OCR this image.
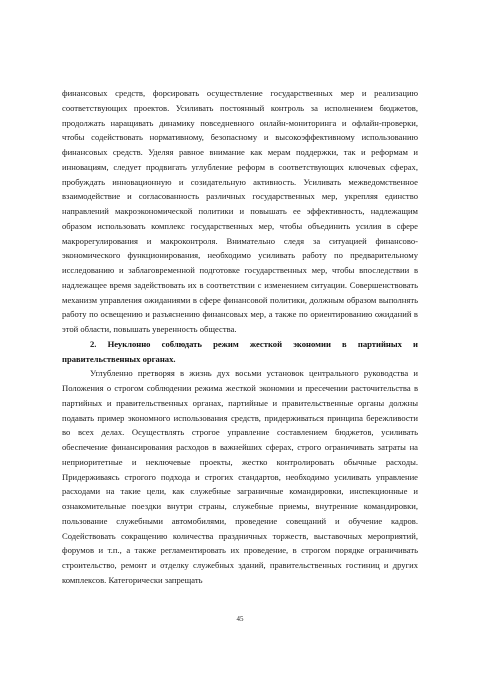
финансовых средств, форсировать осуществление государственных мер и реализацию соответствующих проектов. Усиливать постоянный контроль за исполнением бюджетов, продолжать наращивать динамику повседневного онлайн-мониторинга и офлайн-проверки, чтобы содействовать нормативному, безопасному и высокоэффективному использованию финансовых средств. Уделяя равное внимание как мерам поддержки, так и реформам и инновациям, следует продвигать углубление реформ в соответствующих ключевых сферах, пробуждать инновационную и созидательную активность. Усиливать межведомственное взаимодействие и согласованность различных государственных мер, укрепляя единство направлений макроэкономической политики и повышать ее эффективность, надлежащим образом использовать комплекс государственных мер, чтобы объединить усилия в сфере макрорегулирования и макроконтроля. Внимательно следя за ситуацией финансово-экономического функционирования, необходимо усиливать работу по предварительному исследованию и заблаговременной подготовке государственных мер, чтобы впоследствии в надлежащее время задействовать их в соответствии с изменением ситуации. Совершенствовать механизм управления ожиданиями в сфере финансовой политики, должным образом выполнять работу по освещению и разъяснению финансовых мер, а также по ориентированию ожиданий в этой области, повышать уверенность общества.

2. Неуклонно соблюдать режим жесткой экономии в партийных и правительственных органах.

Углубленно претворяя в жизнь дух восьми установок центрального руководства и Положения о строгом соблюдении режима жесткой экономии и пресечении расточительства в партийных и правительственных органах, партийные и правительственные органы должны подавать пример экономного использования средств, придерживаться принципа бережливости во всех делах. Осуществлять строгое управление составлением бюджетов, усиливать обеспечение финансирования расходов в важнейших сферах, строго ограничивать затраты на неприоритетные и неключевые проекты, жестко контролировать обычные расходы. Придерживаясь строгого подхода и строгих стандартов, необходимо усиливать управление расходами на такие цели, как служебные заграничные командировки, инспекционные и ознакомительные поездки внутри страны, служебные приемы, внутренние командировки, пользование служебными автомобилями, проведение совещаний и обучение кадров. Содействовать сокращению количества праздничных торжеств, выставочных мероприятий, форумов и т.п., а также регламентировать их проведение, в строгом порядке ограничивать строительство, ремонт и отделку служебных зданий, правительственных гостиниц и других комплексов. Категорически запрещать

45
